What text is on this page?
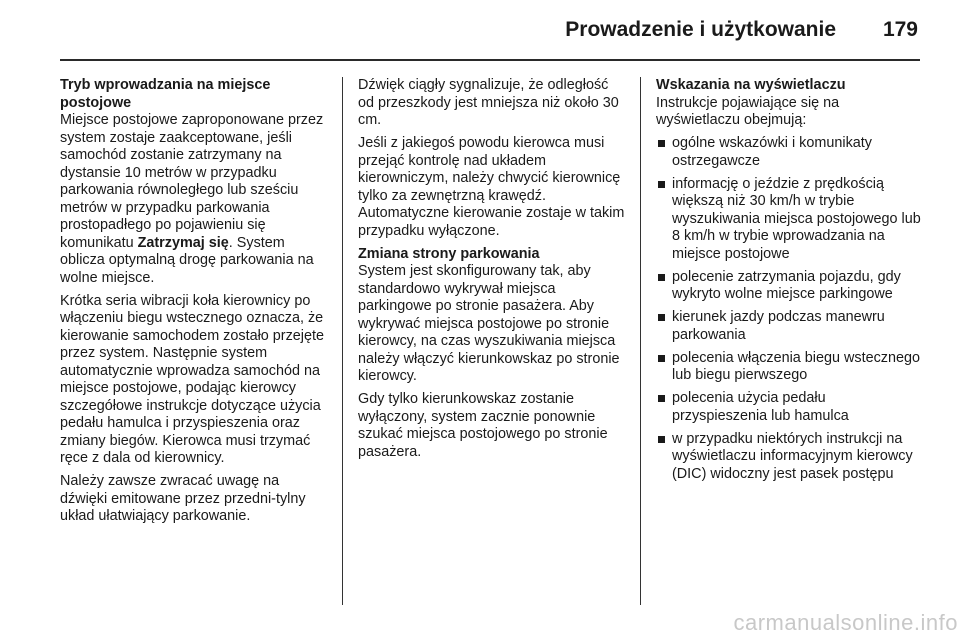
Prowadzenie i użytkowanie 179

Tryb wprowadzania na miejsce postojowe
Miejsce postojowe zaproponowane przez system zostaje zaakceptowane, jeśli samochód zostanie zatrzymany na dystansie 10 metrów w przypadku parkowania równoległego lub sześciu metrów w przypadku parkowania prostopadłego po pojawieniu się komunikatu Zatrzymaj się. System oblicza optymalną drogę parkowania na wolne miejsce.

Krótka seria wibracji koła kierownicy po włączeniu biegu wstecznego oznacza, że kierowanie samochodem zostało przejęte przez system. Następnie system automatycznie wprowadza samochód na miejsce postojowe, podając kierowcy szczegółowe instrukcje dotyczące użycia pedału hamulca i przyspieszenia oraz zmiany biegów. Kierowca musi trzymać ręce z dala od kierownicy.

Należy zawsze zwracać uwagę na dźwięki emitowane przez przedni-tylny układ ułatwiający parkowanie.

Dźwięk ciągły sygnalizuje, że odległość od przeszkody jest mniejsza niż około 30 cm.

Jeśli z jakiegoś powodu kierowca musi przejąć kontrolę nad układem kierowniczym, należy chwycić kierownicę tylko za zewnętrzną krawędź. Automatyczne kierowanie zostaje w takim przypadku wyłączone.

Zmiana strony parkowania
System jest skonfigurowany tak, aby standardowo wykrywał miejsca parkingowe po stronie pasażera. Aby wykrywać miejsca postojowe po stronie kierowcy, na czas wyszukiwania miejsca należy włączyć kierunkowskaz po stronie kierowcy.

Gdy tylko kierunkowskaz zostanie wyłączony, system zacznie ponownie szukać miejsca postojowego po stronie pasażera.

Wskazania na wyświetlaczu
Instrukcje pojawiające się na wyświetlaczu obejmują:

ogólne wskazówki i komunikaty ostrzegawcze
informację o jeździe z prędkością większą niż 30 km/h w trybie wyszukiwania miejsca postojowego lub 8 km/h w trybie wprowadzania na miejsce postojowe
polecenie zatrzymania pojazdu, gdy wykryto wolne miejsce parkingowe
kierunek jazdy podczas manewru parkowania
polecenia włączenia biegu wstecznego lub biegu pierwszego
polecenia użycia pedału przyspieszenia lub hamulca
w przypadku niektórych instrukcji na wyświetlaczu informacyjnym kierowcy (DIC) widoczny jest pasek postępu
carmanualsonline.info
